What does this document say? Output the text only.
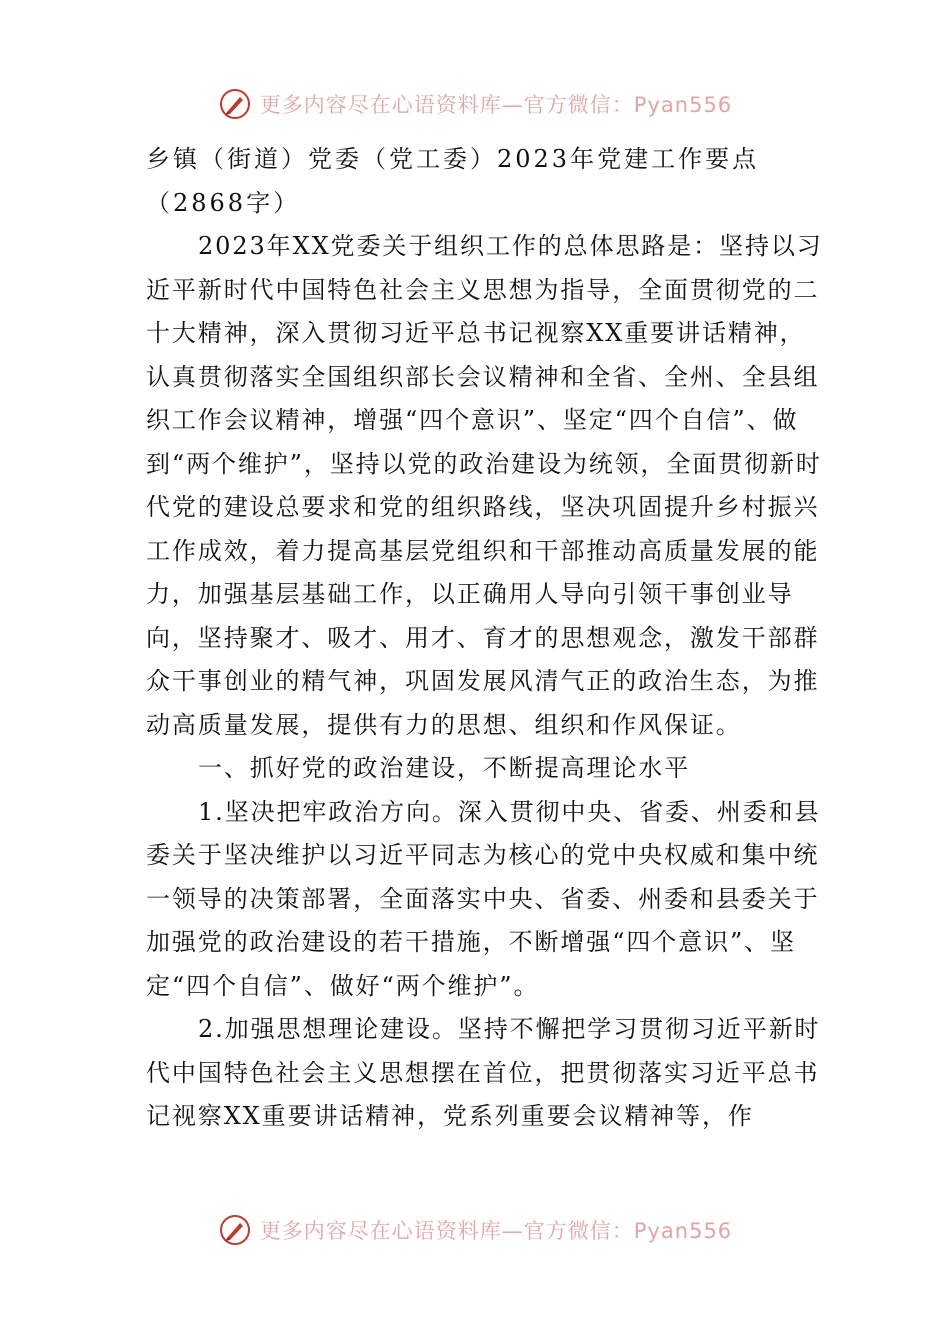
更多内容尽在心语资料库—官方微信：Pyan556

乡镇（街道）党委（党工委）2023年党建工作要点（2868字）

2023年XX党委关于组织工作的总体思路是：坚持以习近平新时代中国特色社会主义思想为指导，全面贯彻党的二十大精神，深入贯彻习近平总书记视察XX重要讲话精神，认真贯彻落实全国组织部长会议精神和全省、全州、全县组织工作会议精神，增强“四个意识”、坚定“四个自信”、做到“两个维护”，坚持以党的政治建设为统领，全面贯彻新时代党的建设总要求和党的组织路线，坚决巩固提升乡村振兴工作成效，着力提高基层党组织和干部推动高质量发展的能力，加强基层基础工作，以正确用人导向引领干事创业导向，坚持聚才、吸才、用才、育才的思想观念，激发干部群众干事创业的精气神，巩固发展风清气正的政治生态，为推动高质量发展，提供有力的思想、组织和作风保证。

一、抓好党的政治建设，不断提高理论水平

1.坚决把牢政治方向。深入贯彻中央、省委、州委和县委关于坚决维护以习近平同志为核心的党中央权威和集中统一领导的决策部署，全面落实中央、省委、州委和县委关于加强党的政治建设的若干措施，不断增强“四个意识”、坚定“四个自信”、做好“两个维护”。

2.加强思想理论建设。坚持不懈把学习贯彻习近平新时代中国特色社会主义思想摆在首位，把贯彻落实习近平总书记视察XX重要讲话精神，党系列重要会议精神等，作

更多内容尽在心语资料库—官方微信：Pyan556
